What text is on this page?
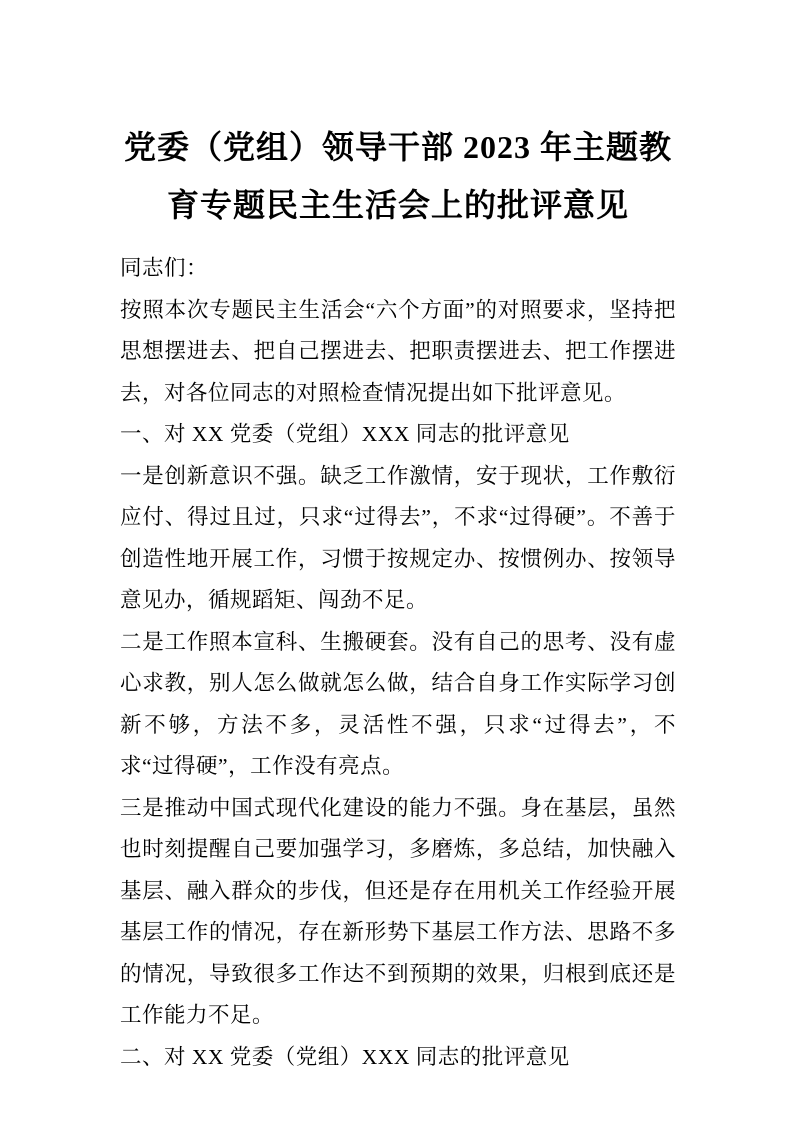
党委（党组）领导干部 2023 年主题教育专题民主生活会上的批评意见

同志们：

按照本次专题民主生活会“六个方面”的对照要求，坚持把思想摆进去、把自己摆进去、把职责摆进去、把工作摆进去，对各位同志的对照检查情况提出如下批评意见。

一、对 XX 党委（党组）XXX 同志的批评意见

一是创新意识不强。缺乏工作激情，安于现状，工作敷衍应付、得过且过，只求“过得去”，不求“过得硬”。不善于创造性地开展工作，习惯于按规定办、按惯例办、按领导意见办，循规蹈矩、闯劲不足。

二是工作照本宣科、生搬硬套。没有自己的思考、没有虚心求教，别人怎么做就怎么做，结合自身工作实际学习创新不够，方法不多，灵活性不强，只求“过得去”，不求“过得硬”，工作没有亮点。

三是推动中国式现代化建设的能力不强。身在基层，虽然也时刻提醒自己要加强学习，多磨炼，多总结，加快融入基层、融入群众的步伐，但还是存在用机关工作经验开展基层工作的情况，存在新形势下基层工作方法、思路不多的情况，导致很多工作达不到预期的效果，归根到底还是工作能力不足。

二、对 XX 党委（党组）XXX 同志的批评意见
